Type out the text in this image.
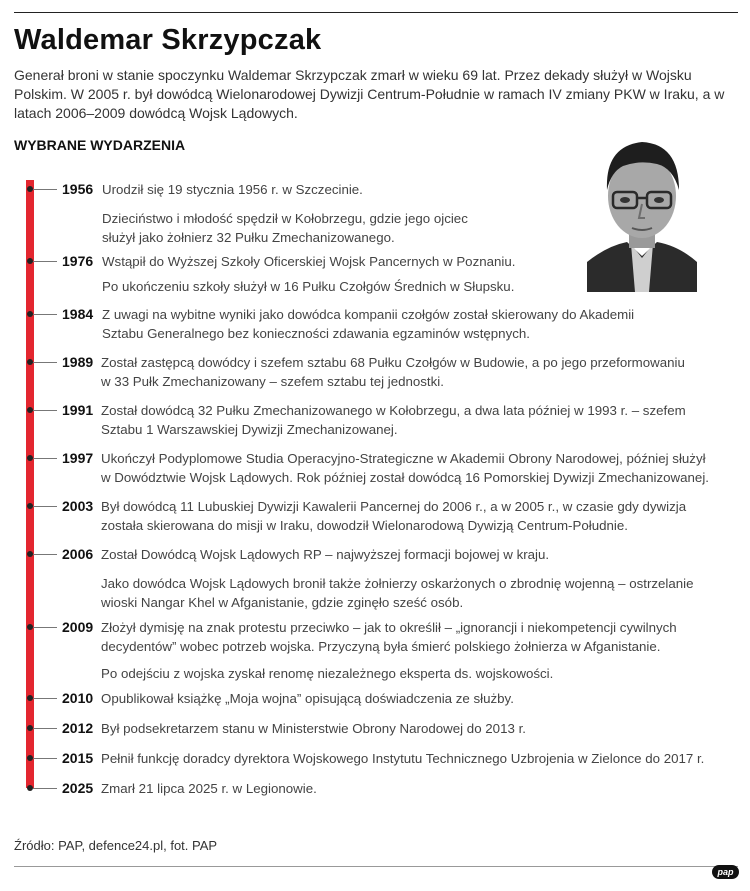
Waldemar Skrzypczak

Generał broni w stanie spoczynku Waldemar Skrzypczak zmarł w wieku 69 lat. Przez dekady służył w Wojsku Polskim. W 2005 r. był dowódcą Wielonarodowej Dywizji Centrum-Południe w ramach IV zmiany PKW w Iraku, a w latach 2006–2009 dowódcą Wojsk Lądowych.

WYBRANE WYDARZENIA
1956 Urodził się 19 stycznia 1956 r. w Szczecinie.

Dzieciństwo i młodość spędził w Kołobrzegu, gdzie jego ojciec

służył jako żołnierz 32 Pułku Zmechanizowanego.

1976 Wstąpił do Wyższej Szkoły Oficerskiej Wojsk Pancernych w Poznaniu.

Po ukończeniu szkoły służył w 16 Pułku Czołgów Średnich w Słupsku.

1984 Z uwagi na wybitne wyniki jako dowódca kompanii czołgów został skierowany do Akademii

Sztabu Generalnego bez konieczności zdawania egzaminów wstępnych.

1989 Został zastępcą dowódcy i szefem sztabu 68 Pułku Czołgów w Budowie, a po jego przeformowaniu

w 33 Pułk Zmechanizowany – szefem sztabu tej jednostki.

1991 Został dowódcą 32 Pułku Zmechanizowanego w Kołobrzegu, a dwa lata później w 1993 r. – szefem

Sztabu 1 Warszawskiej Dywizji Zmechanizowanej.

1997 Ukończył Podyplomowe Studia Operacyjno-Strategiczne w Akademii Obrony Narodowej, później służył

w Dowództwie Wojsk Lądowych. Rok później został dowódcą 16 Pomorskiej Dywizji Zmechanizowanej.

2003 Był dowódcą 11 Lubuskiej Dywizji Kawalerii Pancernej do 2006 r., a w 2005 r., w czasie gdy dywizja

została skierowana do misji w Iraku, dowodził Wielonarodową Dywizją Centrum-Południe.

2006 Został Dowódcą Wojsk Lądowych RP – najwyższej formacji bojowej w kraju.

Jako dowódca Wojsk Lądowych bronił także żołnierzy oskarżonych o zbrodnię wojenną – ostrzelanie

wioski Nangar Khel w Afganistanie, gdzie zginęło sześć osób.

2009 Złożył dymisję na znak protestu przeciwko – jak to określił – „ignorancji i niekompetencji cywilnych

decydentów” wobec potrzeb wojska. Przyczyną była śmierć polskiego żołnierza w Afganistanie.

Po odejściu z wojska zyskał renomę niezależnego eksperta ds. wojskowości.

2010 Opublikował książkę „Moja wojna” opisującą doświadczenia ze służby.

2012 Był podsekretarzem stanu w Ministerstwie Obrony Narodowej do 2013 r.

2015 Pełnił funkcję doradcy dyrektora Wojskowego Instytutu Technicznego Uzbrojenia w Zielonce do 2017 r.

2025 Zmarł 21 lipca 2025 r. w Legionowie.

Źródło: PAP, defence24.pl, fot. PAP

pap
